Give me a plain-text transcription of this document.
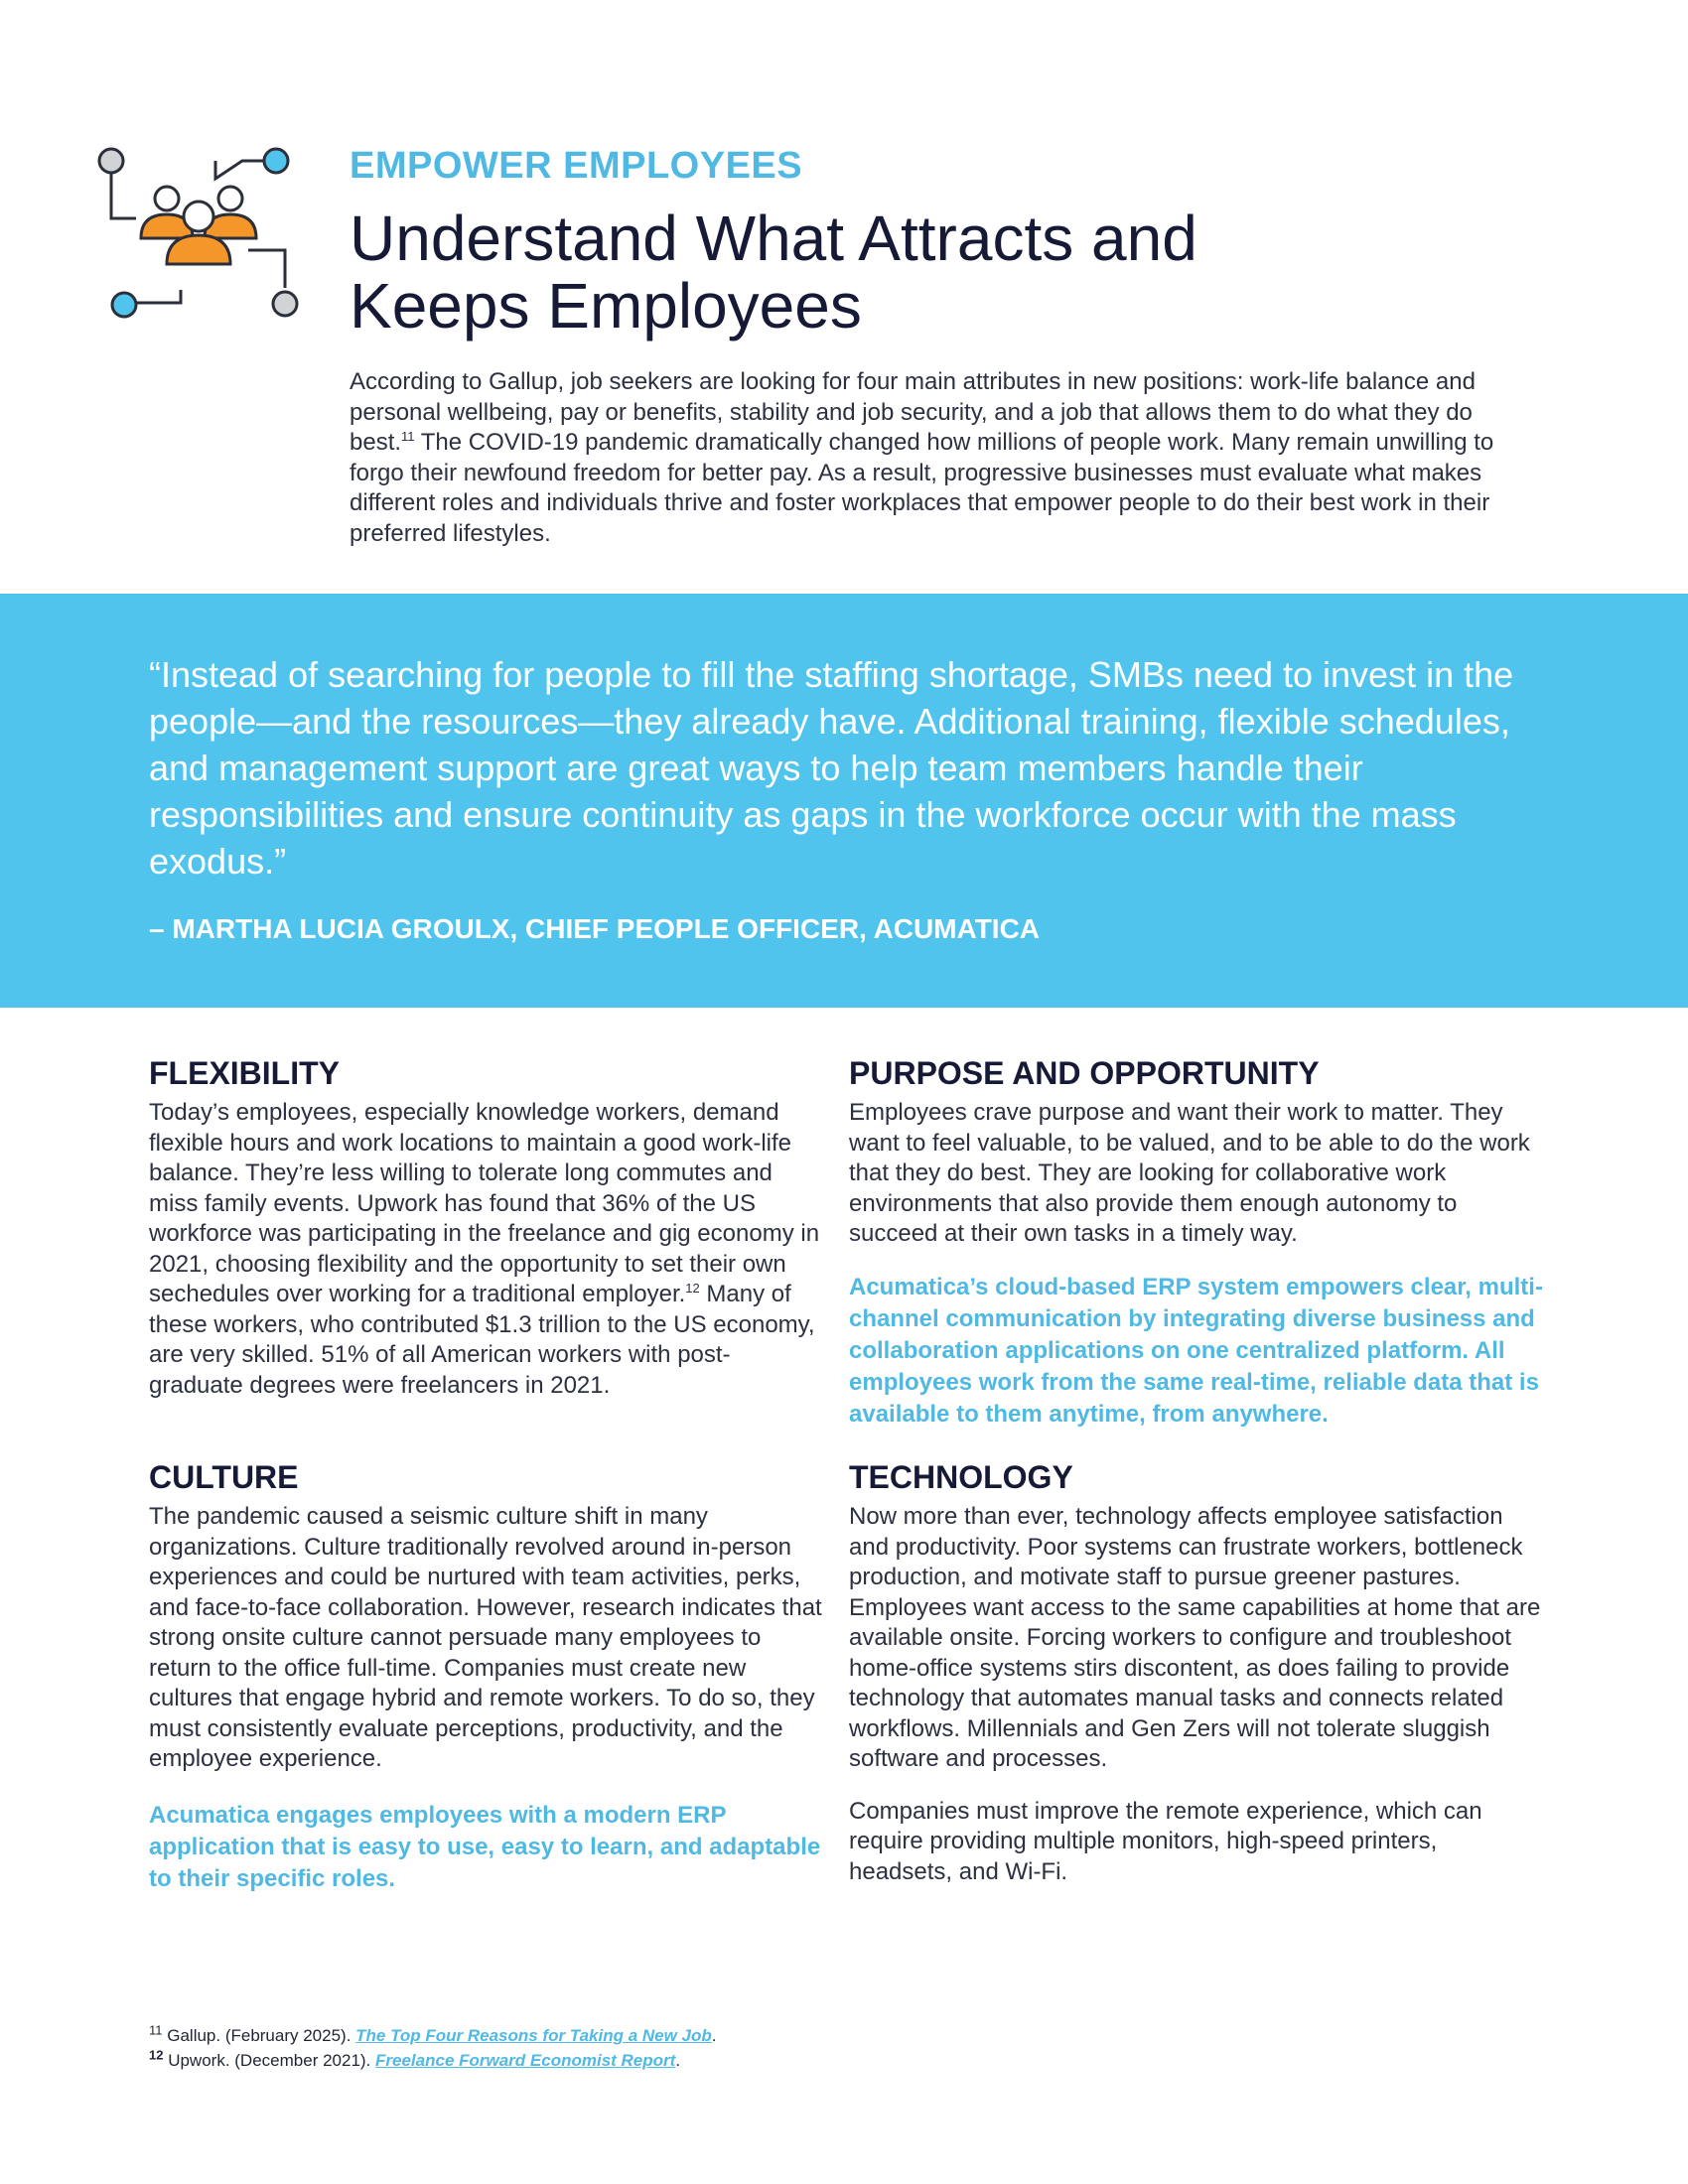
EMPOWER EMPLOYEES
Understand What Attracts and
Keeps Employees

According to Gallup, job seekers are looking for four main attributes in new positions: work-life balance and personal wellbeing, pay or benefits, stability and job security, and a job that allows them to do what they do best.$^{11}$ The COVID-19 pandemic dramatically changed how millions of people work. Many remain unwilling to forgo their newfound freedom for better pay. As a result, progressive businesses must evaluate what makes different roles and individuals thrive and foster workplaces that empower people to do their best work in their preferred lifestyles.

“Instead of searching for people to fill the staffing shortage, SMBs need to invest in the people—and the resources—they already have. Additional training, flexible schedules, and management support are great ways to help team members handle their responsibilities and ensure continuity as gaps in the workforce occur with the mass exodus.”

– MARTHA LUCIA GROULX, CHIEF PEOPLE OFFICER, ACUMATICA
FLEXIBILITY

Today’s employees, especially knowledge workers, demand flexible hours and work locations to maintain a good work-life balance. They’re less willing to tolerate long commutes and miss family events. Upwork has found that 36% of the US workforce was participating in the freelance and gig economy in 2021, choosing flexibility and the opportunity to set their own sechedules over working for a traditional employer.$^{12}$ Many of these workers, who contributed $1.3 trillion to the US economy, are very skilled. 51% of all American workers with post-graduate degrees were freelancers in 2021.

CULTURE

The pandemic caused a seismic culture shift in many organizations. Culture traditionally revolved around in-person experiences and could be nurtured with team activities, perks, and face-to-face collaboration. However, research indicates that strong onsite culture cannot persuade many employees to return to the office full-time. Companies must create new cultures that engage hybrid and remote workers. To do so, they must consistently evaluate perceptions, productivity, and the employee experience.

Acumatica engages employees with a modern ERP application that is easy to use, easy to learn, and adaptable to their specific roles.

PURPOSE AND OPPORTUNITY

Employees crave purpose and want their work to matter. They want to feel valuable, to be valued, and to be able to do the work that they do best. They are looking for collaborative work environments that also provide them enough autonomy to succeed at their own tasks in a timely way.

Acumatica’s cloud-based ERP system empowers clear, multi-channel communication by integrating diverse business and collaboration applications on one centralized platform. All employees work from the same real-time, reliable data that is available to them anytime, from anywhere.

TECHNOLOGY

Now more than ever, technology affects employee satisfaction and productivity. Poor systems can frustrate workers, bottleneck production, and motivate staff to pursue greener pastures. Employees want access to the same capabilities at home that are available onsite. Forcing workers to configure and troubleshoot home-office systems stirs discontent, as does failing to provide technology that automates manual tasks and connects related workflows. Millennials and Gen Zers will not tolerate sluggish software and processes.

Companies must improve the remote experience, which can require providing multiple monitors, high-speed printers, headsets, and Wi-Fi.

$^{11}$ Gallup. (February 2025). The Top Four Reasons for Taking a New Job.
$^{12}$ Upwork. (December 2021). Freelance Forward Economist Report.
